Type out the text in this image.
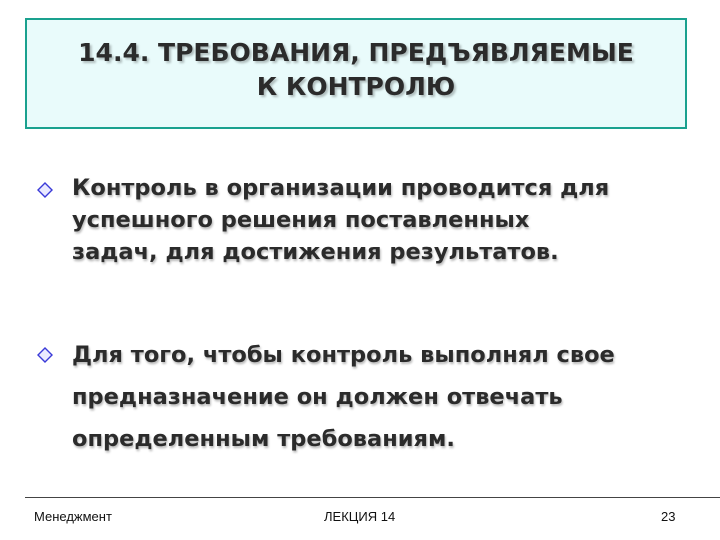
14.4. ТРЕБОВАНИЯ, ПРЕДЪЯВЛЯЕМЫЕ
К КОНТРОЛЮ
Контроль в организации проводится для
успешного решения поставленных
задач, для достижения результатов.
Для того, чтобы контроль выполнял свое
предназначение он должен отвечать
определенным требованиям.
Менеджмент	ЛЕКЦИЯ 14	23
